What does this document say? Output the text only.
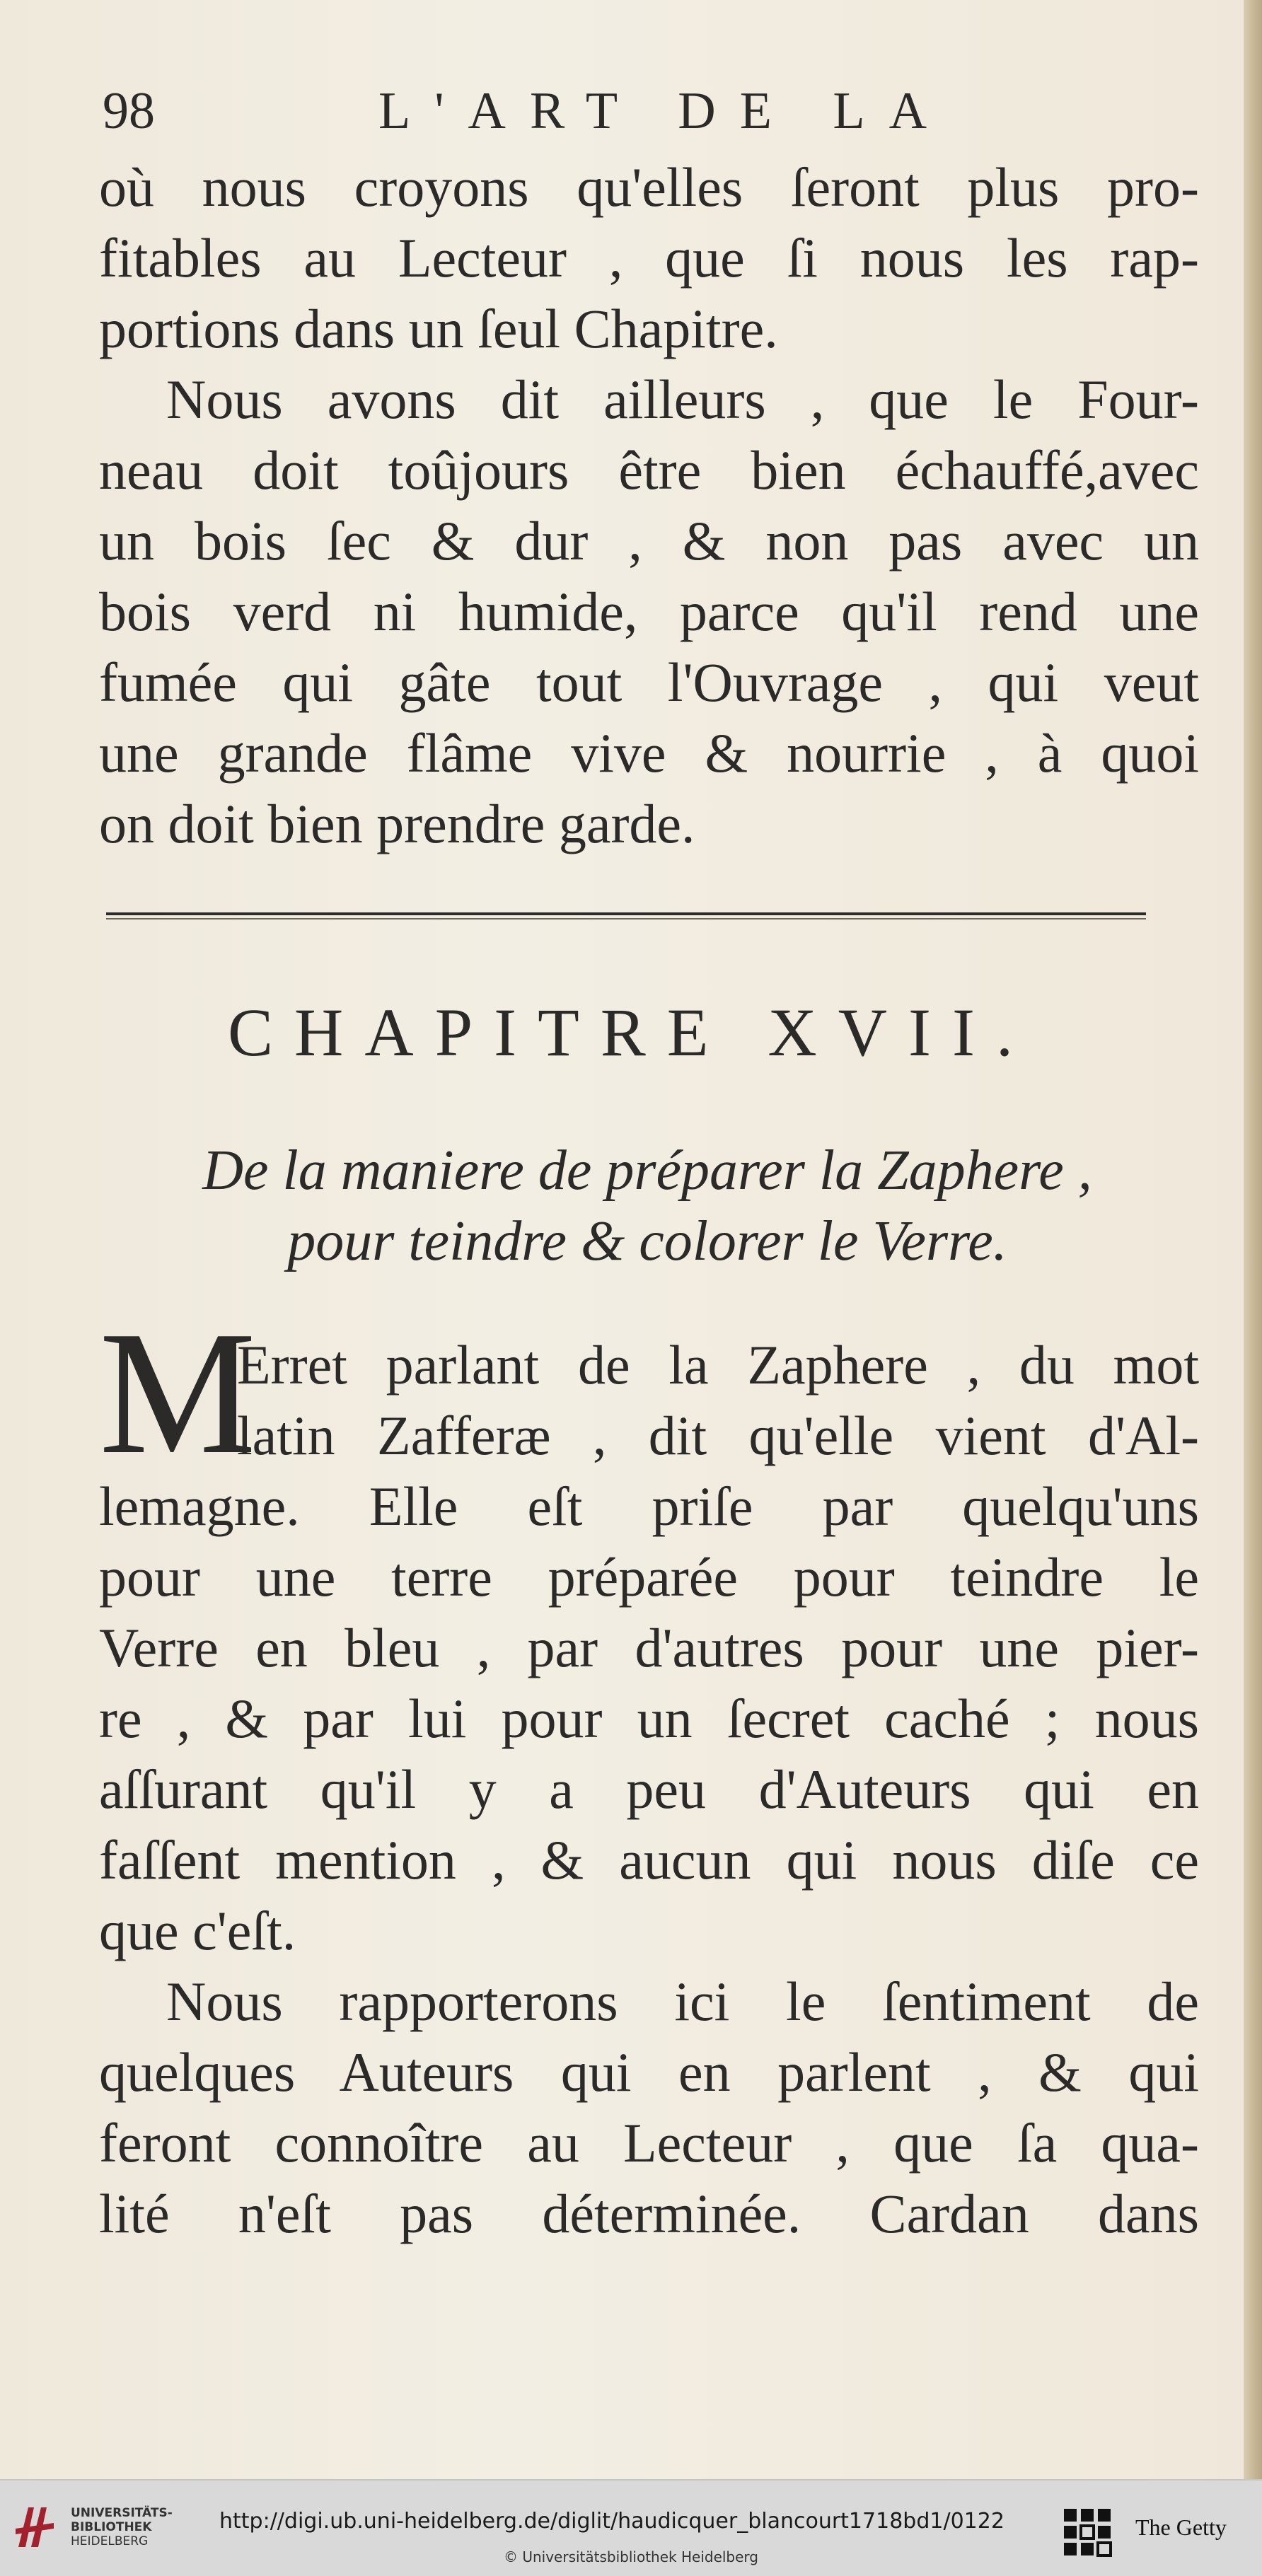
98	L'ART DE LA
où nous croyons qu'elles ſeront plus pro-
fitables au Lecteur , que ſi nous les rap-
portions dans un ſeul Chapitre.
Nous avons dit ailleurs , que le Four-
neau doit toûjours être bien échauffé,avec
un bois ſec & dur , & non pas avec un
bois verd ni humide, parce qu'il rend une
fumée qui gâte tout l'Ouvrage , qui veut
une grande flâme vive & nourrie , à quoi
on doit bien prendre garde.
CHAPITRE XVII.
De la maniere de préparer la Zaphere ,
pour teindre & colorer le Verre.
M
Erret parlant de la Zaphere , du mot
latin Zafferæ , dit qu'elle vient d'Al-
lemagne. Elle eſt priſe par quelqu'uns
pour une terre préparée pour teindre le
Verre en bleu , par d'autres pour une pier-
re , & par lui pour un ſecret caché ; nous
aſſurant qu'il y a peu d'Auteurs qui en
faſſent mention , & aucun qui nous diſe ce
que c'eſt.
Nous rapporterons ici le ſentiment de
quelques Auteurs qui en parlent , & qui
feront connoître au Lecteur , que ſa qua-
lité n'eſt pas déterminée. Cardan dans
UNIVERSITÄTS-
BIBLIOTHEK
HEIDELBERG
http://digi.ub.uni-heidelberg.de/diglit/haudicquer_blancourt1718bd1/0122
© Universitätsbibliothek Heidelberg
The Getty
